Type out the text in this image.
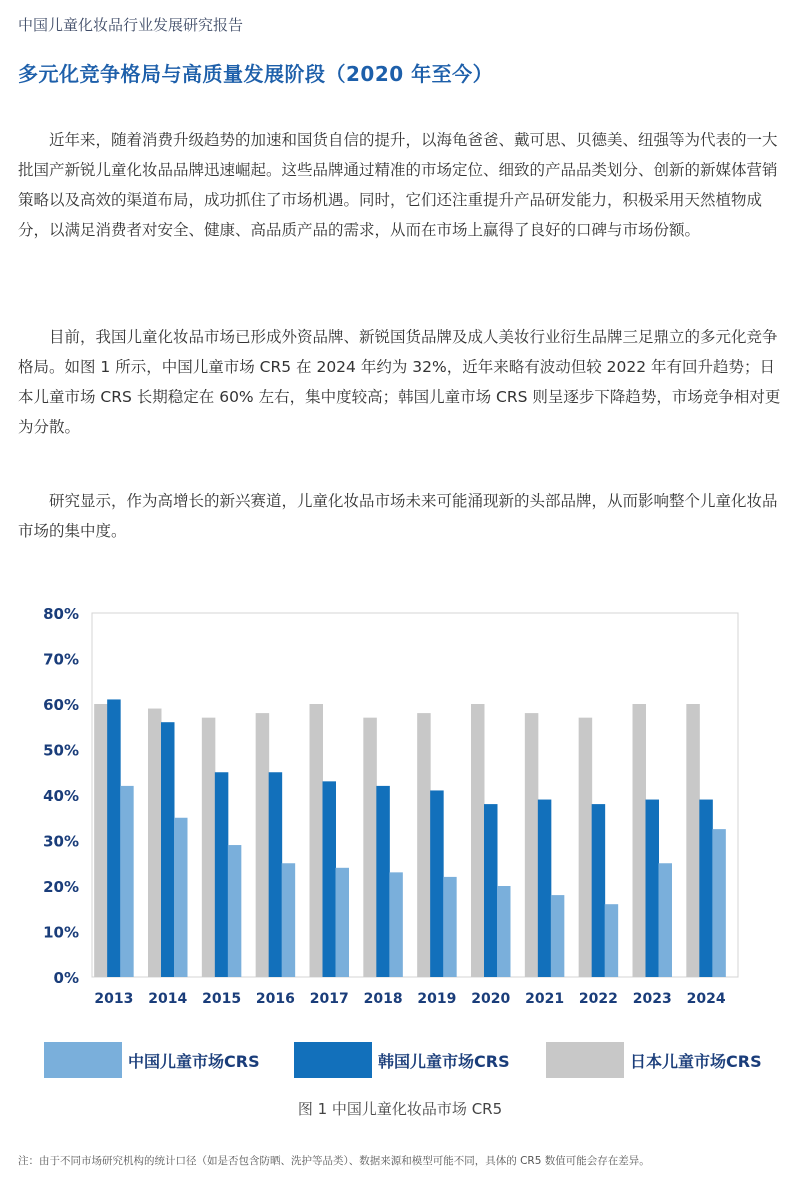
中国儿童化妆品行业发展研究报告
多元化竞争格局与高质量发展阶段（2020 年至今）

近年来，随着消费升级趋势的加速和国货自信的提升，以海龟爸爸、戴可思、贝德美、纽强等为代表的一大批国产新锐儿童化妆品品牌迅速崛起。这些品牌通过精准的市场定位、细致的产品品类划分、创新的新媒体营销策略以及高效的渠道布局，成功抓住了市场机遇。同时，它们还注重提升产品研发能力，积极采用天然植物成分，以满足消费者对安全、健康、高品质产品的需求，从而在市场上赢得了良好的口碑与市场份额。

目前，我国儿童化妆品市场已形成外资品牌、新锐国货品牌及成人美妆行业衍生品牌三足鼎立的多元化竞争格局。如图 1 所示，中国儿童市场 CR5 在 2024 年约为 32%，近年来略有波动但较 2022 年有回升趋势；日本儿童市场 CRS 长期稳定在 60% 左右，集中度较高；韩国儿童市场 CRS 则呈逐步下降趋势，市场竞争相对更为分散。

研究显示，作为高增长的新兴赛道，儿童化妆品市场未来可能涌现新的头部品牌，从而影响整个儿童化妆品市场的集中度。

0%
10%
20%
30%
40%
50%
60%
70%
80%
2013 2014 2015 2016 2017 2018 2019 2020 2021 2022 2023 2024
中国儿童市场CRS	韩国儿童市场CRS	日本儿童市场CRS
图 1 中国儿童化妆品市场 CR5
注：由于不同市场研究机构的统计口径（如是否包含防晒、洗护等品类）、数据来源和模型可能不同，具体的 CR5 数值可能会存在差异。
